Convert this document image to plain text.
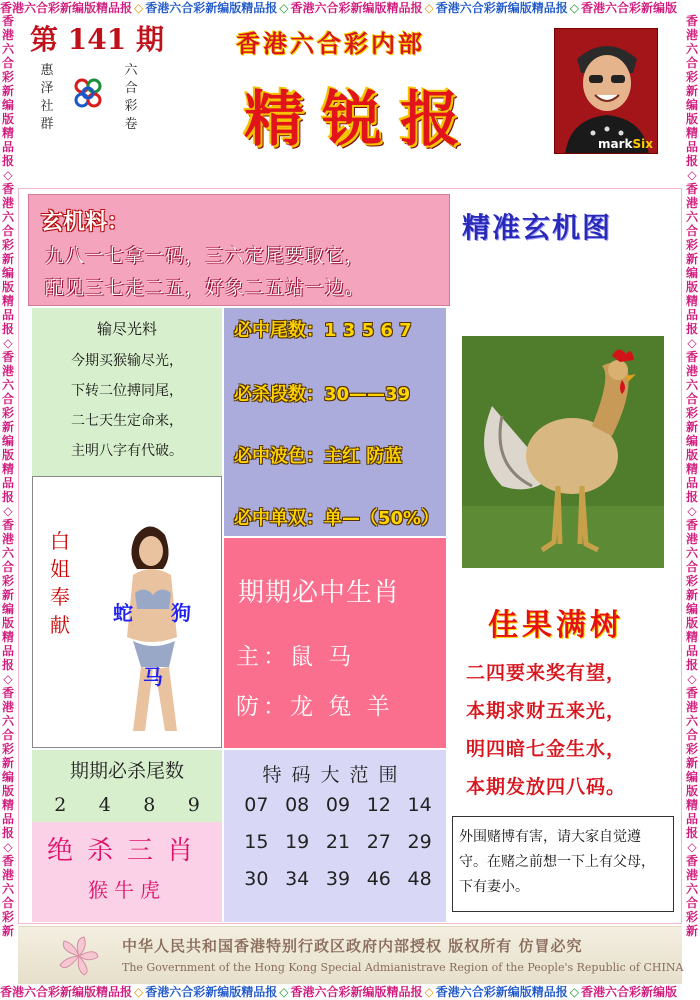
香港六合彩新编版精品报 ◇ 香港六合彩新编版精品报 ◇ 香港六合彩新编版精品报 ◇ 香港六合彩新编版精品报 ◇ 香港六合彩新编版
香港六合彩新编版精品报 ◇ 香港六合彩新编版精品报 ◇ 香港六合彩新编版精品报 ◇ 香港六合彩新编版精品报 ◇ 香港六合彩新编版
香港六合彩新编版精品报◇香港六合彩新编版精品报◇香港六合彩新编版精品报◇香港六合彩新编版精品报◇香港六合彩新编版精品报◇香港六合彩新
香港六合彩新编版精品报◇香港六合彩新编版精品报◇香港六合彩新编版精品报◇香港六合彩新编版精品报◇香港六合彩新编版精品报◇香港六合彩新
第 141 期
惠
泽
社
群
六
合
彩
卷
香港六合彩内部
精锐报	markSix
玄机料：
九八一七拿一码，三六定尾要取它，
配见三七走二五，好象二五站一边。
输尽光料
今期买猴输尽光，
下转二位搏同尾，
二七天生定命来，
主明八字有代破。
必中尾数：1 3 5 6 7
必杀段数：30——39
必中波色：主红 防蓝
必中单双：单—（50%）
白
姐
奉
献 蛇 狗
马
期期必中生肖
主：鼠 马
防：龙 兔 羊
期期必杀尾数
2 4 8 9
绝杀三肖
猴牛虎
特码大范围
07 08 09 12 14
15 19 21 27 29
30 34 39 46 48
精准玄机图
佳果满树
二四要来奖有望，
本期求财五来光，
明四暗七金生水，
本期发放四八码。
外围赌博有害，请大家自觉遵守。在赌之前想一下上有父母，下有妻小。
中华人民共和国香港特别行政区政府内部授权 版权所有 仿冒必究
The Government of the Hong Kong Special Admianistrave Region of the People's Republic of CHINA
